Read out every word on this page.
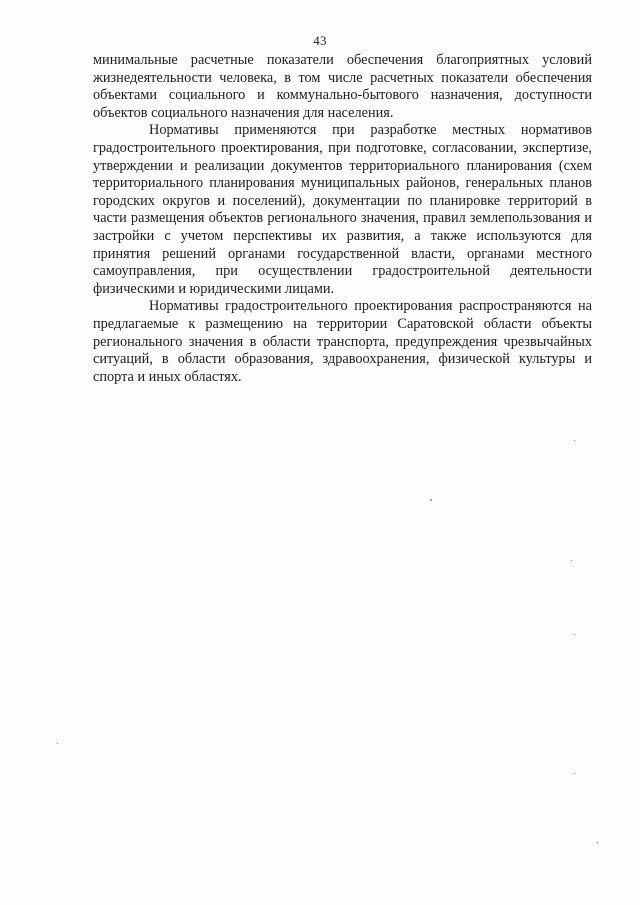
43

минимальные расчетные показатели обеспечения благоприятных условий жизнедеятельности человека, в том числе расчетных показатели обеспечения объектами социального и коммунально-бытового назначения, доступности объектов социального назначения для населения.

Нормативы применяются при разработке местных нормативов градостроительного проектирования, при подготовке, согласовании, экспертизе, утверждении и реализации документов территориального планирования (схем территориального планирования муниципальных районов, генеральных планов городских округов и поселений), документации по планировке территорий в части размещения объектов регионального значения, правил землепользования и застройки с учетом перспективы их развития, а также используются для принятия решений органами государственной власти, органами местного самоуправления, при осуществлении градостроительной деятельности физическими и юридическими лицами.

Нормативы градостроительного проектирования распространяются на предлагаемые к размещению на территории Саратовской области объекты регионального значения в области транспорта, предупреждения чрезвычайных ситуаций, в области образования, здравоохранения, физической культуры и спорта и иных областях.
